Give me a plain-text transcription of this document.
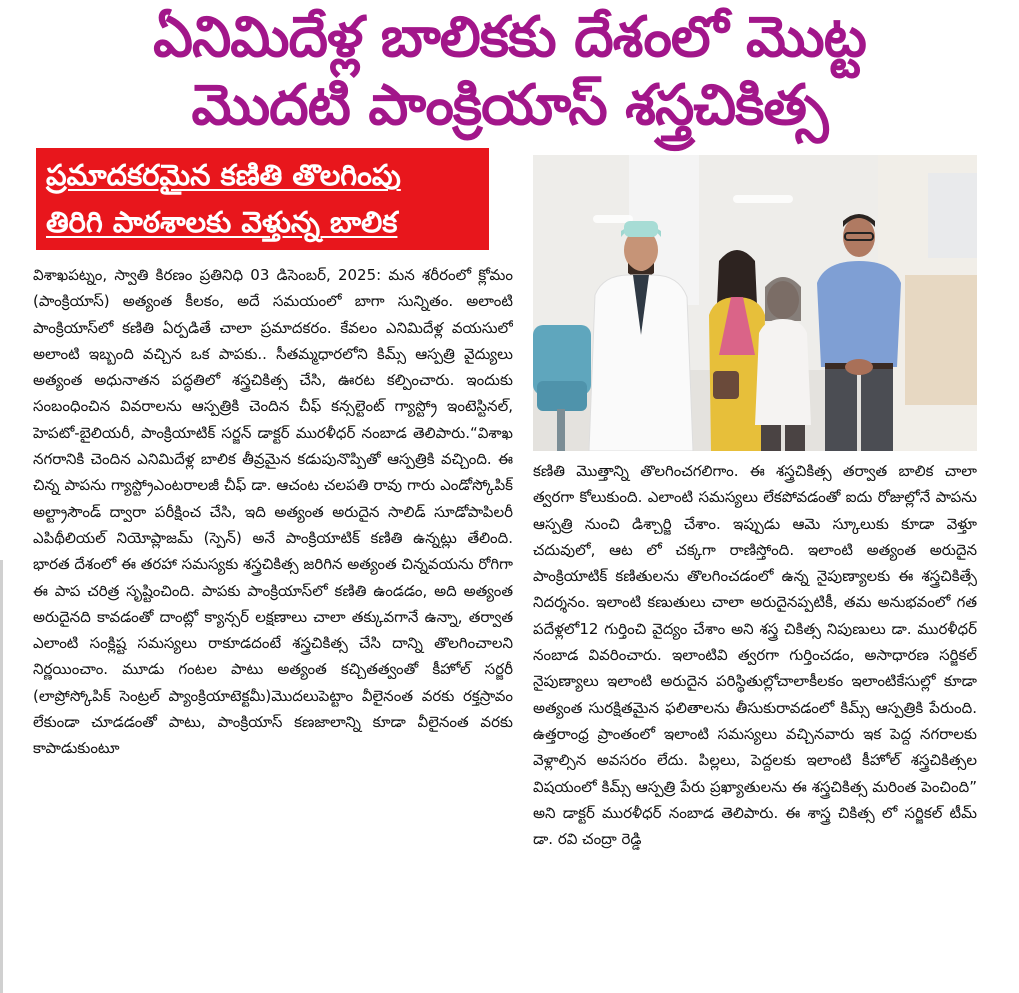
ఏనిమిదేళ్ల బాలికకు దేశంలో మొట్ట
మొదటి పాంక్రియాస్ శస్త్రచికిత్స
ప్రమాదకరమైన కణితి తొలగింపు
తిరిగి పాఠశాలకు వెళ్తున్న బాలిక

విశాఖపట్నం, స్వాతి కిరణం ప్రతినిధి 03 డిసెంబర్, 2025: మన శరీరంలో క్లోమం (పాంక్రియాస్) అత్యంత కీలకం, అదే సమయంలో బాగా సున్నితం. అలాంటి పాంక్రియాస్‌లో కణితి ఏర్పడితే చాలా ప్రమాదకరం. కేవలం ఎనిమిదేళ్ల వయసులో అలాంటి ఇబ్బంది వచ్చిన ఒక పాపకు.. సీతమ్మధారలోని కిమ్స్ ఆస్పత్రి వైద్యులు అత్యంత అధునాతన పద్ధతిలో శస్త్రచికిత్స చేసి, ఊరట కల్పించారు. ఇందుకు సంబంధించిన వివరాలను ఆస్పత్రికి చెందిన చీఫ్ కన్సల్టెంట్ గ్యాస్ట్రో ఇంటెస్టినల్, హెపటో-బైలియరీ, పాంక్రియాటిక్ సర్జన్ డాక్టర్ మురళీధర్ నంబాడ తెలిపారు.“విశాఖ నగరానికి చెందిన ఎనిమిదేళ్ల బాలిక తీవ్రమైన కడుపునొప్పితో ఆస్పత్రికి వచ్చింది. ఈ చిన్న పాపను గ్యాస్ట్రోఎంటరాలజీ చీఫ్ డా. ఆచంట చలపతి రావు గారు ఎండోస్కోపిక్ అల్ట్రాసౌండ్ ద్వారా పరీక్షించ చేసి, ఇది అత్యంత అరుదైన సాలిడ్ సూడోపాపిలరీ ఎపిథీలియల్ నియోప్లాజమ్ (స్పెన్) అనే పాంక్రియాటిక్ కణితి ఉన్నట్లు తేలింది. భారత దేశంలో ఈ తరహా సమస్యకు శస్త్రచికిత్స జరిగిన అత్యంత చిన్నవయను రోగిగా ఈ పాప చరిత్ర సృష్టించింది. పాపకు పాంక్రియాస్‌లో కణితి ఉండడం, అది అత్యంత అరుదైనది కావడంతో దాంట్లో క్యాన్సర్ లక్షణాలు చాలా తక్కువగానే ఉన్నా, తర్వాత ఎలాంటి సంక్లిష్ట సమస్యలు రాకూడదంటే శస్త్రచికిత్స చేసి దాన్ని తొలగించాలని నిర్ణయించాం. మూడు గంటల పాటు అత్యంత కచ్చితత్వంతో కీహోల్ సర్జరీ (లాప్రోస్కోపిక్ సెంట్రల్ ప్యాంక్రియాటెక్టమీ)మొదలుపెట్టాం వీలైనంత వరకు రక్తస్రావం లేకుండా చూడడంతో పాటు, పాంక్రియాస్ కణజాలాన్ని కూడా వీలైనంత వరకు కాపాడుకుంటూ

కణితి మొత్తాన్ని తొలగించగలిగాం. ఈ శస్త్రచికిత్స తర్వాత బాలిక చాలా త్వరగా కోలుకుంది. ఎలాంటి సమస్యలు లేకపోవడంతో ఐదు రోజుల్లోనే పాపను ఆస్పత్రి నుంచి డిశ్చార్జి చేశాం. ఇప్పుడు ఆమె స్కూలుకు కూడా వెళ్తూ చదువులో, ఆట లో చక్కగా రాణిస్తోంది. ఇలాంటి అత్యంత అరుదైన పాంక్రియాటిక్ కణితులను తొలగించడంలో ఉన్న నైపుణ్యాలకు ఈ శస్త్రచికిత్సే నిదర్శనం. ఇలాంటి కణుతులు చాలా అరుదైనప్పటికీ, తమ అనుభవంలో గత పదేళ్లలో12 గుర్తించి వైద్యం చేశాం అని శస్త్ర చికిత్స నిపుణులు డా. మురళీధర్ నంబాడ వివరించారు. ఇలాంటివి త్వరగా గుర్తించడం, అసాధారణ సర్జికల్ నైపుణ్యాలు ఇలాంటి అరుదైన పరిస్థితుల్లోచాలాకీలకం ఇలాంటికేసుల్లో కూడా అత్యంత సురక్షితమైన ఫలితాలను తీసుకురావడంలో కిమ్స్ ఆస్పత్రికి పేరుంది. ఉత్తరాంధ్ర ప్రాంతంలో ఇలాంటి సమస్యలు వచ్చినవారు ఇక పెద్ద నగరాలకు వెళ్లాల్సిన అవసరం లేదు. పిల్లలు, పెద్దలకు ఇలాంటి కీహోల్ శస్త్రచికిత్సల విషయంలో కిమ్స్ ఆస్పత్రి పేరు ప్రఖ్యాతులను ఈ శస్త్రచికిత్స మరింత పెంచింది” అని డాక్టర్ మురళీధర్ నంబాడ తెలిపారు. ఈ శాస్త్ర చికిత్స లో సర్జికల్ టీమ్ డా. రవి చంద్రా రెడ్డి
